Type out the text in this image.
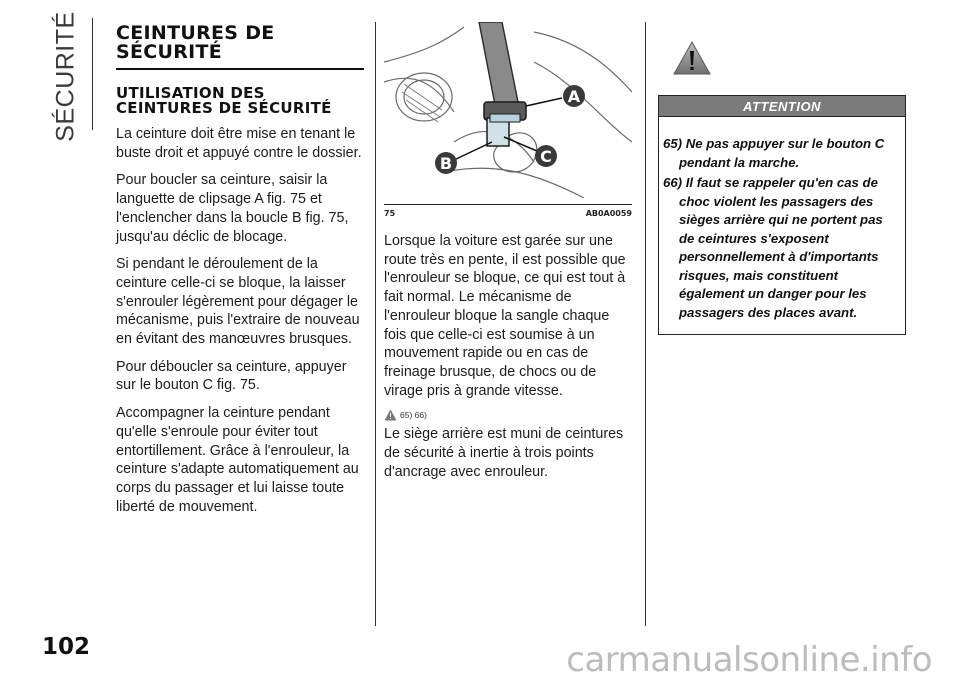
SÉCURITÉ
102
CEINTURES DE SÉCURITÉ
UTILISATION DES CEINTURES DE SÉCURITÉ

La ceinture doit être mise en tenant le buste droit et appuyé contre le dossier.

Pour boucler sa ceinture, saisir la languette de clipsage A fig. 75 et l'enclencher dans la boucle B fig. 75, jusqu'au déclic de blocage.

Si pendant le déroulement de la ceinture celle-ci se bloque, la laisser s'enrouler légèrement pour dégager le mécanisme, puis l'extraire de nouveau en évitant des manœuvres brusques.

Pour déboucler sa ceinture, appuyer sur le bouton C fig. 75.

Accompagner la ceinture pendant qu'elle s'enroule pour éviter tout entortillement. Grâce à l'enrouleur, la ceinture s'adapte automatiquement au corps du passager et lui laisse toute liberté de mouvement.

A
C
B
75	AB0A0059

Lorsque la voiture est garée sur une route très en pente, il est possible que l'enrouleur se bloque, ce qui est tout à fait normal. Le mécanisme de l'enrouleur bloque la sangle chaque fois que celle-ci est soumise à un mouvement rapide ou en cas de freinage brusque, de chocs ou de virage pris à grande vitesse.

65) 66)

Le siège arrière est muni de ceintures de sécurité à inertie à trois points d'ancrage avec enrouleur.

ATTENTION

65) Ne pas appuyer sur le bouton C pendant la marche.

66) Il faut se rappeler qu'en cas de choc violent les passagers des sièges arrière qui ne portent pas de ceintures s'exposent personnellement à d'importants risques, mais constituent également un danger pour les passagers des places avant.

carmanualsonline.info
